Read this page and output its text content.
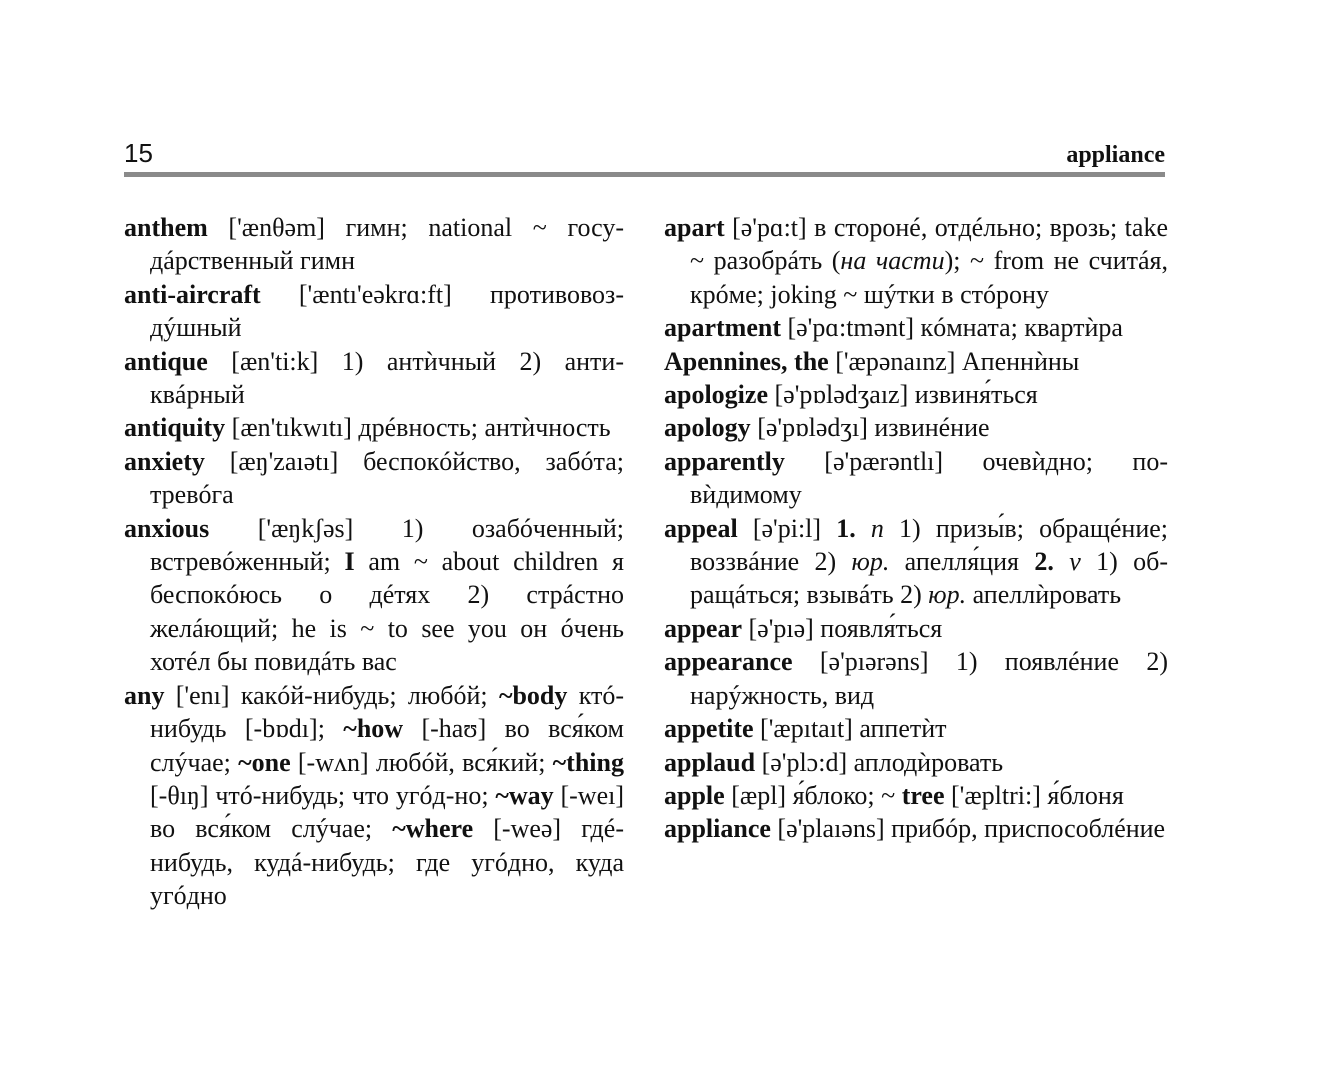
15	appliance
anthem ['ænθəm] гимн; national ~ госудáрственный гимн
anti-aircraft ['æntı'eəkrɑ:ft] противовоздýшный
antique [æn'ti:k] 1) антѝчный 2) антиквáрный
antiquity [æn'tıkwıtı] дрéвность; антѝчность
anxiety [æŋ'zaıətı] беспокóйство, забóта; тревóга
anxious ['æŋkʃəs] 1) озабóченный; встревóженный; I am ~ about children я беспокóюсь о дéтях 2) стрáстно желáющий; he is ~ to see you он óчень хотéл бы повидáть вас
any ['enı] какóй-нибудь; любóй; ~body ктó-нибудь [-bɒdı]; ~how [-haʊ] во вся́ком слýчае; ~one [-wʌn] любóй, вся́кий; ~thing [-θıŋ] чтó-нибудь; что угóд-но; ~way [-weı] во вся́ком слýчае; ~where [-weə] гдé-нибудь, кудá-нибудь; где угóдно, куда угóдно
apart [ə'pɑ:t] в сторонé, отдéльно; врозь; take ~ разобрáть (на части); ~ from не считáя, крóме; joking ~ шýтки в стóрону
apartment [ə'pɑ:tmənt] кóмната; квартѝра
Apennines, the ['æpənaınz] Апеннѝны
apologize [ə'pɒlədʒaız] извиня́ться
apology [ə'pɒlədʒı] извинéние
apparently [ə'pærəntlı] очевѝдно; по-вѝдимому
appeal [ə'pi:l] 1. n 1) призы́в; обращéние; воззвáние 2) юр. апелля́ция 2. v 1) обращáться; взывáть 2) юр. апеллѝровать
appear [ə'pıə] появля́ться
appearance [ə'pıərəns] 1) появлéние 2) нарýжность, вид
appetite ['æpıtaıt] аппетѝт
applaud [ə'plɔ:d] аплодѝровать
apple [æpl] я́блоко; ~ tree ['æpltri:] я́блоня
appliance [ə'plaıəns] прибóр, приспособлéние
